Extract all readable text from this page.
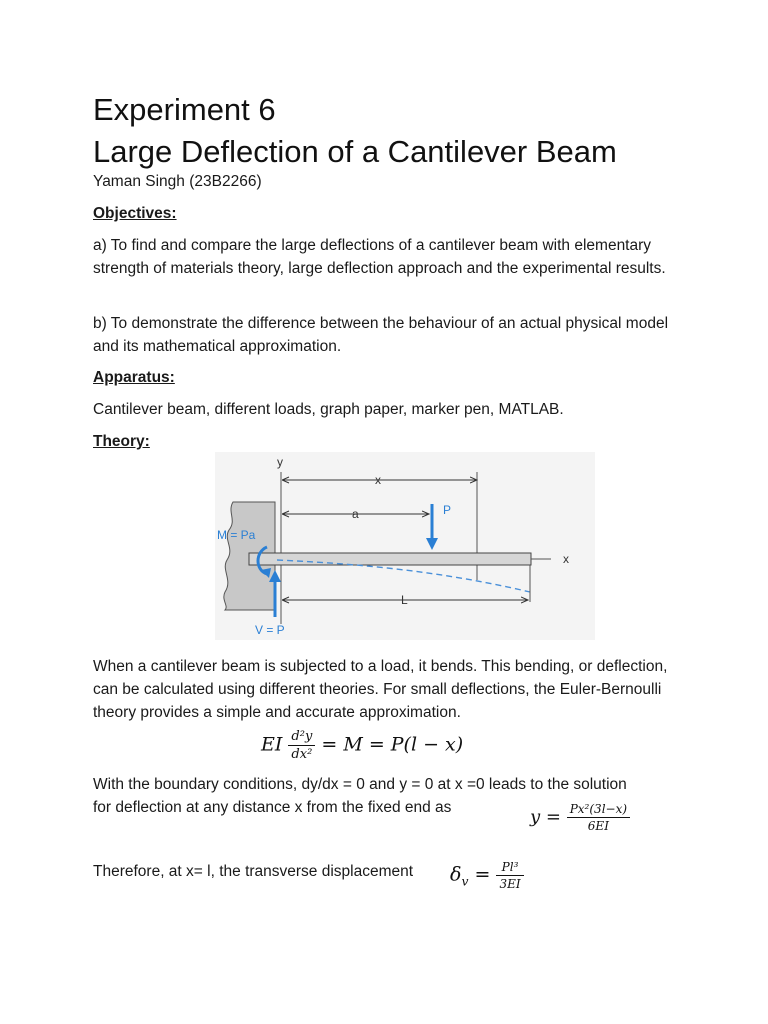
Experiment 6
Large Deflection of a Cantilever Beam
Yaman Singh (23B2266)
Objectives:

a) To find and compare the large deflections of a cantilever beam with elementary strength of materials theory, large deflection approach and the experimental results.

b) To demonstrate the difference between the behaviour of an actual physical model and its mathematical approximation.

Apparatus:
Cantilever beam, different loads, graph paper, marker pen, MATLAB.
Theory:
y
x
a	P
x
M = Pa
V = P
L

When a cantilever beam is subjected to a load, it bends. This bending, or deflection, can be calculated using different theories. For small deflections, the Euler-Bernoulli theory provides a simple and accurate approximation.

EI $\frac{\text{d²y}}{\text{dx²}} = M = P(l - x)$
With the boundary conditions, dy/dx = 0 and y = 0 at x =0 leads to the solution
for deflection at any distance x from the fixed end as	$y = \frac{\text{Px²(3l−x)}}{6EI}$
Therefore, at x= l, the transverse displacement $\delta_v = \frac{\text{Pl³}}{3EI}$
